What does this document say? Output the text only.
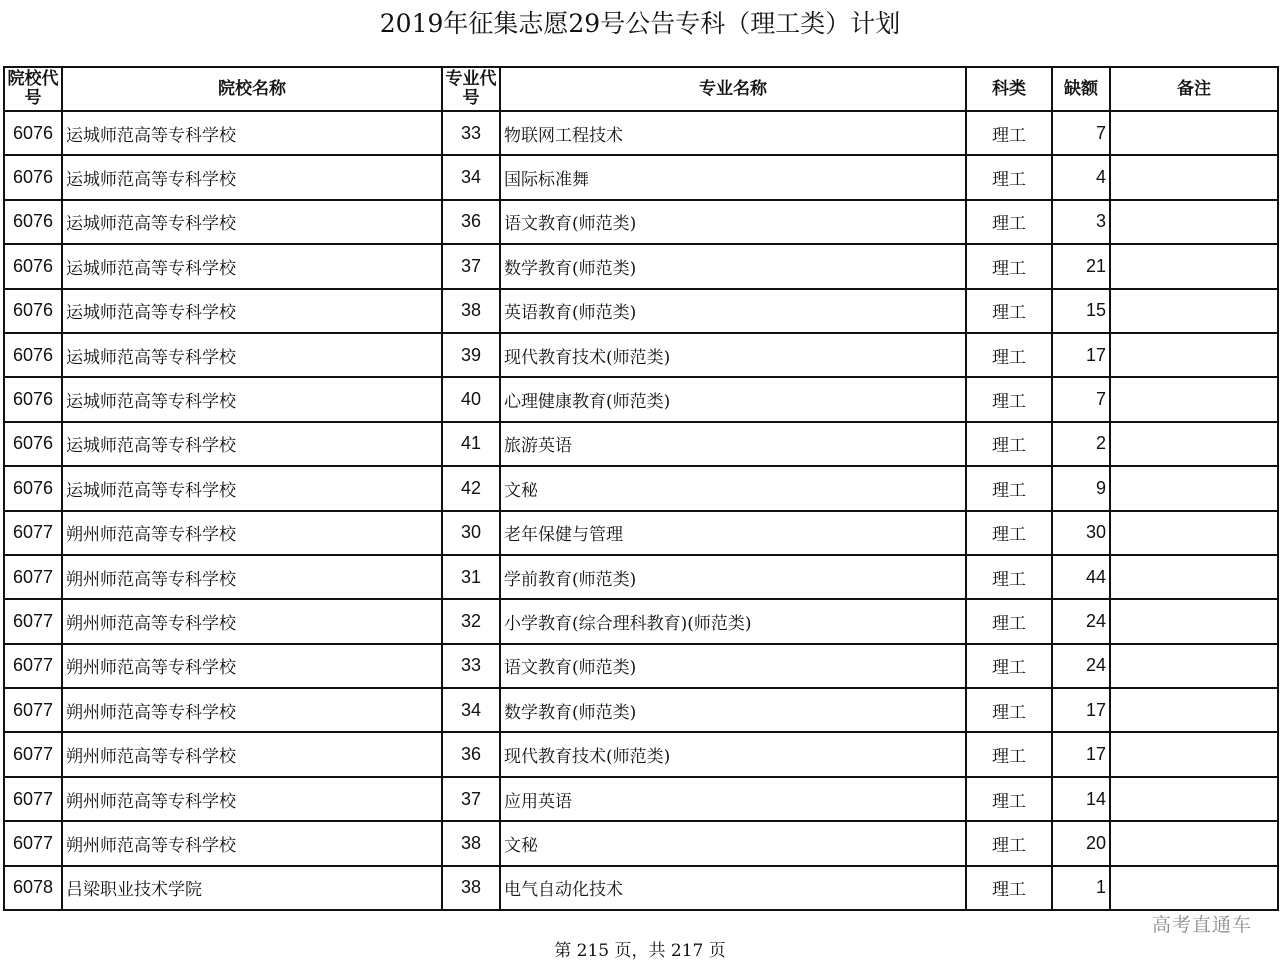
2019年征集志愿29号公告专科（理工类）计划
院校代号	院校名称	专业代号	专业名称	科类	缺额	备注
6076	运城师范高等专科学校	33	物联网工程技术	理工	7	
6076	运城师范高等专科学校	34	国际标准舞	理工	4	
6076	运城师范高等专科学校	36	语文教育(师范类)	理工	3	
6076	运城师范高等专科学校	37	数学教育(师范类)	理工	21	
6076	运城师范高等专科学校	38	英语教育(师范类)	理工	15	
6076	运城师范高等专科学校	39	现代教育技术(师范类)	理工	17	
6076	运城师范高等专科学校	40	心理健康教育(师范类)	理工	7	
6076	运城师范高等专科学校	41	旅游英语	理工	2	
6076	运城师范高等专科学校	42	文秘	理工	9	
6077	朔州师范高等专科学校	30	老年保健与管理	理工	30	
6077	朔州师范高等专科学校	31	学前教育(师范类)	理工	44	
6077	朔州师范高等专科学校	32	小学教育(综合理科教育)(师范类)	理工	24	
6077	朔州师范高等专科学校	33	语文教育(师范类)	理工	24	
6077	朔州师范高等专科学校	34	数学教育(师范类)	理工	17	
6077	朔州师范高等专科学校	36	现代教育技术(师范类)	理工	17	
6077	朔州师范高等专科学校	37	应用英语	理工	14	
6077	朔州师范高等专科学校	38	文秘	理工	20	
6078	吕梁职业技术学院	38	电气自动化技术	理工	1	
高考直通车
第 215 页，共 217 页
